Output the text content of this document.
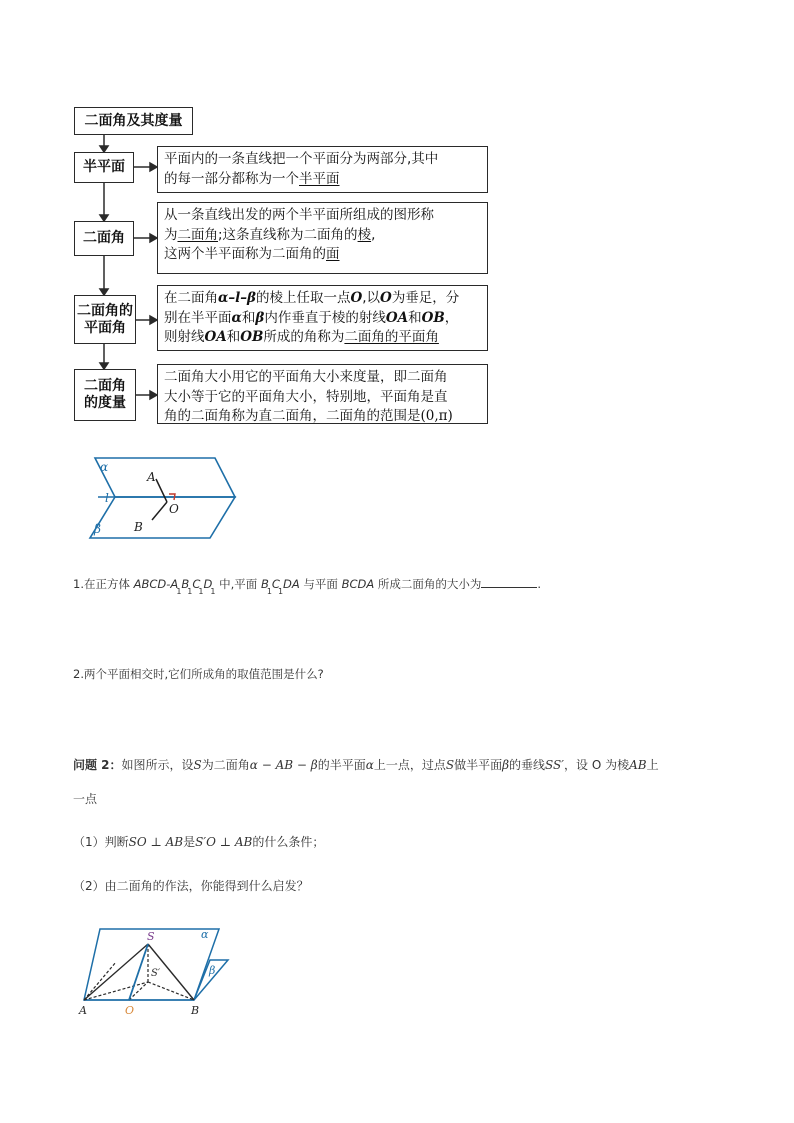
二面角及其度量
半平面
二面角
二面角的
平面角
二面角
的度量

平面内的一条直线把一个平面分为两部分,其中

的每一部分都称为一个半平面

从一条直线出发的两个半平面所组成的图形称

为二面角;这条直线称为二面角的棱,

这两个半平面称为二面角的面

在二面角α–l–β的棱上任取一点O,以O为垂足，分

别在半平面α和β内作垂直于棱的射线OA和OB，

则射线OA和OB所成的角称为二面角的平面角

二面角大小用它的平面角大小来度量，即二面角

大小等于它的平面角大小，特别地，平面角是直

角的二面角称为直二面角，二面角的范围是(0,π)

α
l
β
A
O
B
1.在正方体 ABCD-$A_1B_1C_1D_1$ 中,平面 $B_1C_1DA$ 与平面 BCDA 所成二面角的大小为	.
2.两个平面相交时,它们所成角的取值范围是什么?
问题 2：如图所示，设S为二面角α − AB − β的半平面α上一点，过点S做半平面β的垂线SS′，设 O 为棱AB上
一点
（1）判断SO ⊥ AB是S′O ⊥ AB的什么条件；
（2）由二面角的作法，你能得到什么启发？
S
S′
α
β
A	O	B
